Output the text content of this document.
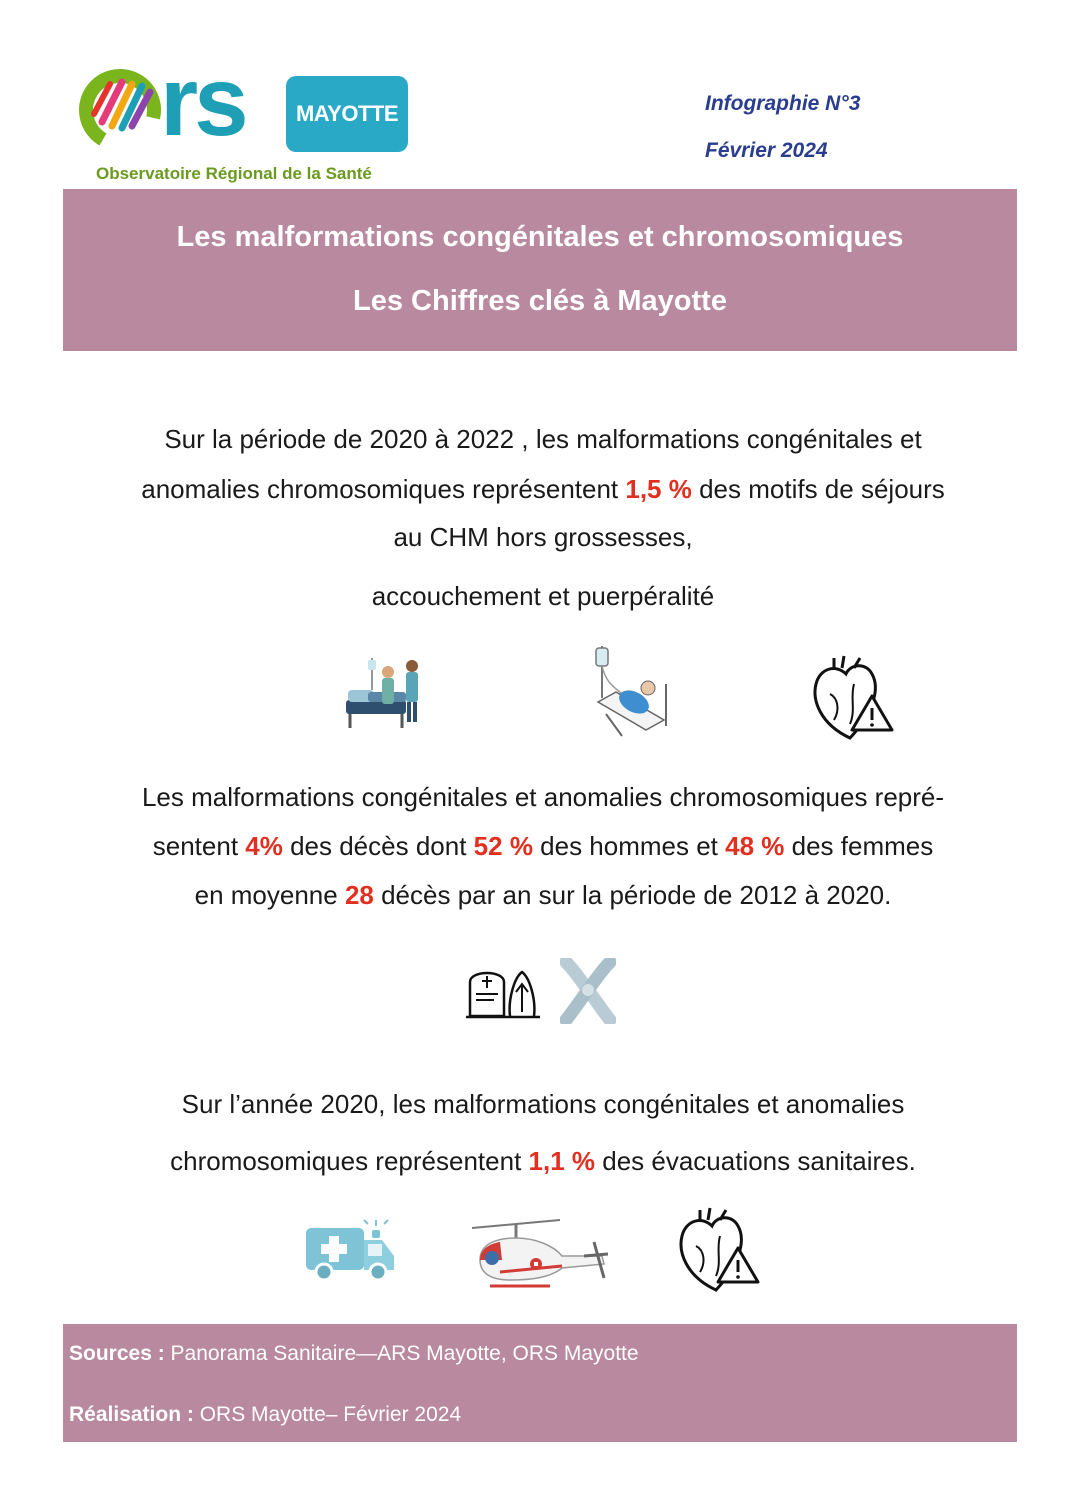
rs	MAYOTTE
Observatoire Régional de la Santé
Infographie N°3
Février 2024
Les malformations congénitales et chromosomiques
Les Chiffres clés à Mayotte
Sur la période de 2020 à 2022 , les malformations congénitales et
anomalies chromosomiques représentent 1,5 % des motifs de séjours
au CHM hors grossesses,
accouchement et puerpéralité
Les malformations congénitales et anomalies chromosomiques repré-
sentent 4% des décès dont 52 % des hommes et 48 % des femmes
en moyenne 28 décès par an sur la période de 2012 à 2020.
Sur l’année 2020, les malformations congénitales et anomalies
chromosomiques représentent 1,1 % des évacuations sanitaires.
Sources : Panorama Sanitaire—ARS Mayotte, ORS Mayotte
Réalisation : ORS Mayotte– Février 2024
